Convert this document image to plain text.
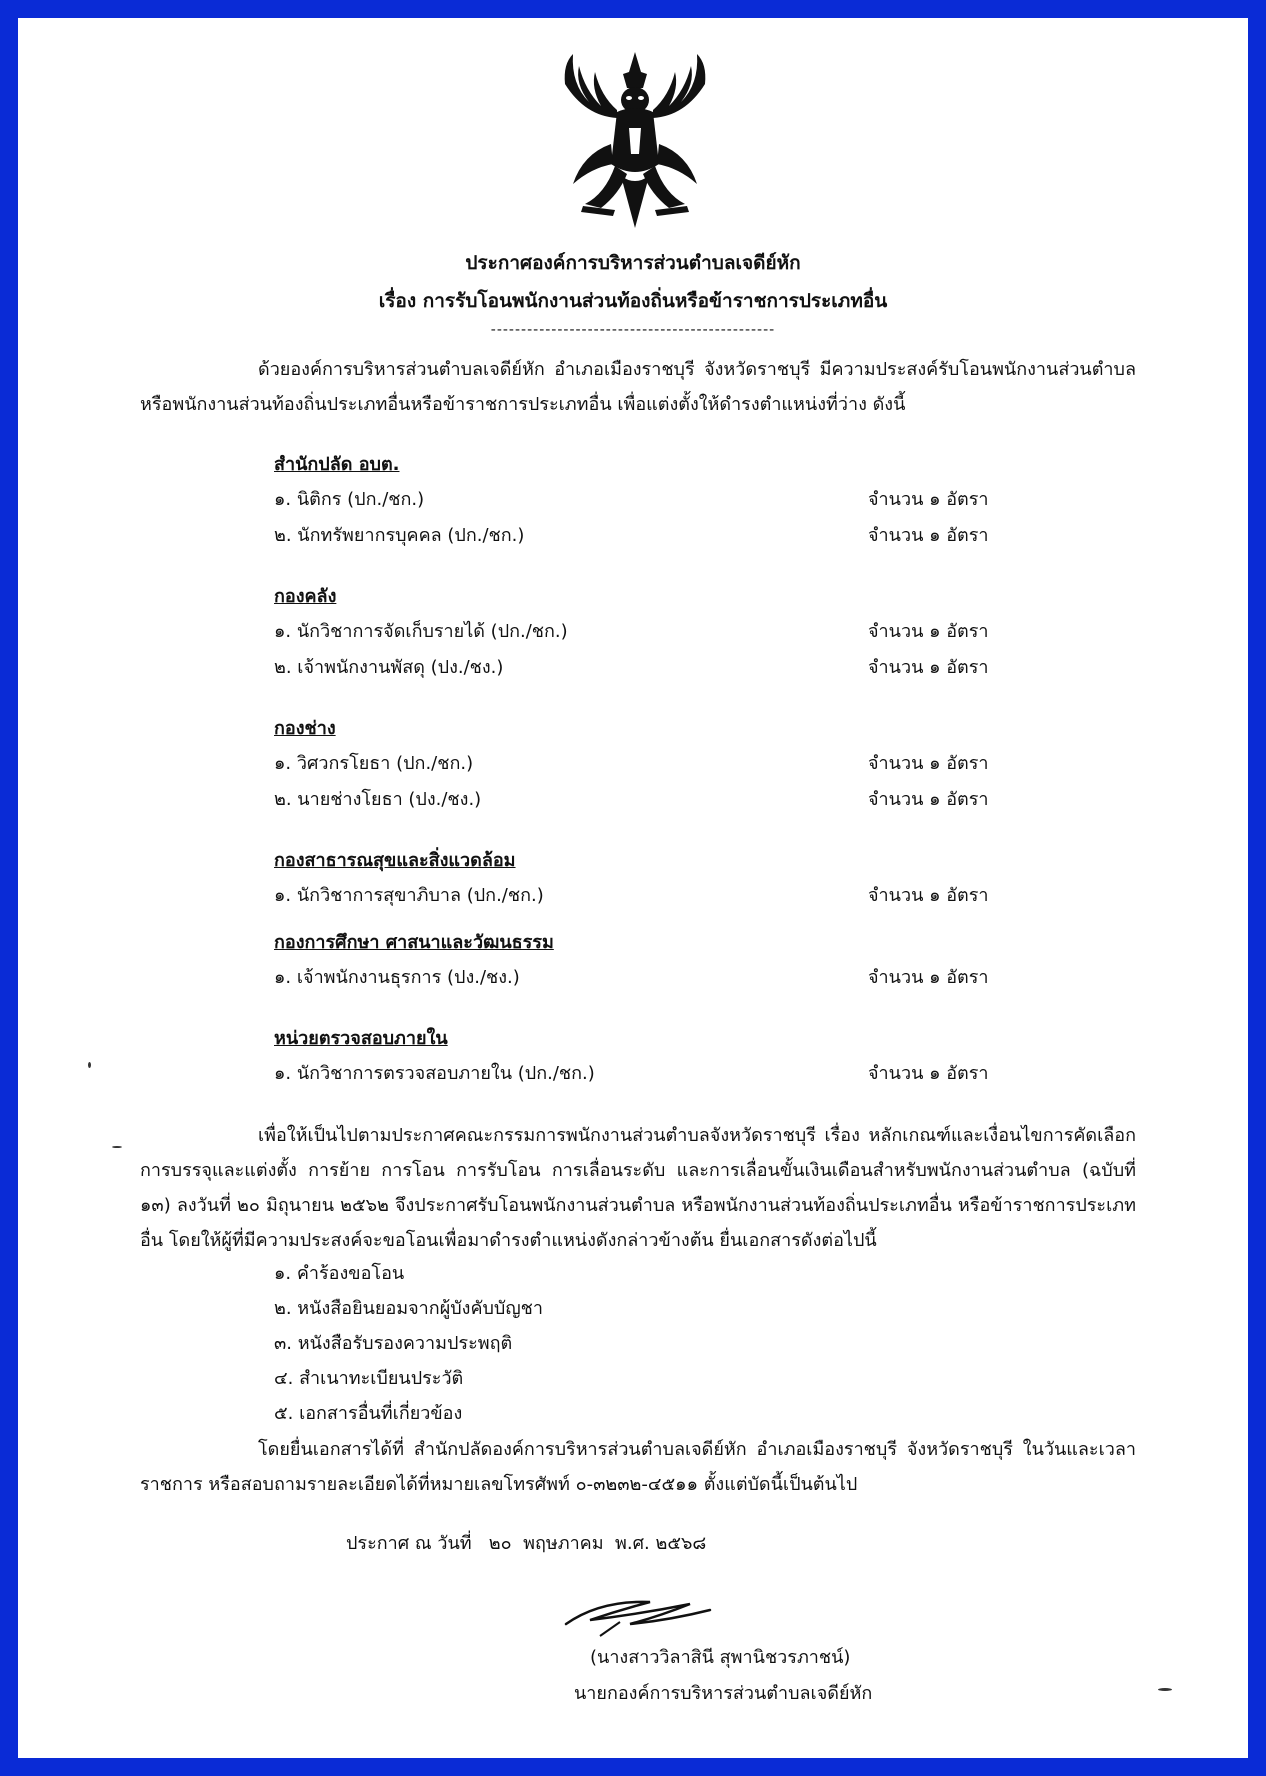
ประกาศองค์การบริหารส่วนตำบลเจดีย์หัก
เรื่อง การรับโอนพนักงานส่วนท้องถิ่นหรือข้าราชการประเภทอื่น
-----------------------------------------------
ด้วยองค์การบริหารส่วนตำบลเจดีย์หัก อำเภอเมืองราชบุรี จังหวัดราชบุรี มีความประสงค์รับโอนพนักงานส่วนตำบล หรือพนักงานส่วนท้องถิ่นประเภทอื่นหรือข้าราชการประเภทอื่น เพื่อแต่งตั้งให้ดำรงตำแหน่งที่ว่าง ดังนี้
สำนักปลัด อบต.
๑. นิติกร (ปก./ชก.)	จำนวน ๑ อัตรา
๒. นักทรัพยากรบุคคล (ปก./ชก.)	จำนวน ๑ อัตรา
กองคลัง
๑. นักวิชาการจัดเก็บรายได้ (ปก./ชก.)	จำนวน ๑ อัตรา
๒. เจ้าพนักงานพัสดุ (ปง./ชง.)	จำนวน ๑ อัตรา
กองช่าง
๑. วิศวกรโยธา (ปก./ชก.)	จำนวน ๑ อัตรา
๒. นายช่างโยธา (ปง./ชง.)	จำนวน ๑ อัตรา
กองสาธารณสุขและสิ่งแวดล้อม
๑. นักวิชาการสุขาภิบาล (ปก./ชก.)	จำนวน ๑ อัตรา
กองการศึกษา ศาสนาและวัฒนธรรม
๑. เจ้าพนักงานธุรการ (ปง./ชง.)	จำนวน ๑ อัตรา
หน่วยตรวจสอบภายใน
๑. นักวิชาการตรวจสอบภายใน (ปก./ชก.)	จำนวน ๑ อัตรา
เพื่อให้เป็นไปตามประกาศคณะกรรมการพนักงานส่วนตำบลจังหวัดราชบุรี เรื่อง หลักเกณฑ์และเงื่อนไขการคัดเลือก การบรรจุและแต่งตั้ง การย้าย การโอน การรับโอน การเลื่อนระดับ และการเลื่อนขั้นเงินเดือนสำหรับพนักงานส่วนตำบล (ฉบับที่ ๑๓) ลงวันที่ ๒๐ มิถุนายน ๒๕๖๒ จึงประกาศรับโอนพนักงานส่วนตำบล หรือพนักงานส่วนท้องถิ่นประเภทอื่น หรือข้าราชการประเภทอื่น โดยให้ผู้ที่มีความประสงค์จะขอโอนเพื่อมาดำรงตำแหน่งดังกล่าวข้างต้น ยื่นเอกสารดังต่อไปนี้
๑. คำร้องขอโอน
๒. หนังสือยินยอมจากผู้บังคับบัญชา
๓. หนังสือรับรองความประพฤติ
๔. สำเนาทะเบียนประวัติ
๕. เอกสารอื่นที่เกี่ยวข้อง
โดยยื่นเอกสารได้ที่ สำนักปลัดองค์การบริหารส่วนตำบลเจดีย์หัก อำเภอเมืองราชบุรี จังหวัดราชบุรี ในวันและเวลาราชการ หรือสอบถามรายละเอียดได้ที่หมายเลขโทรศัพท์ ๐-๓๒๓๒-๔๕๑๑ ตั้งแต่บัดนี้เป็นต้นไป
ประกาศ ณ วันที่   ๒๐  พฤษภาคม  พ.ศ. ๒๕๖๘
(นางสาววิลาสินี สุพานิชวรภาชน์)
นายกองค์การบริหารส่วนตำบลเจดีย์หัก
